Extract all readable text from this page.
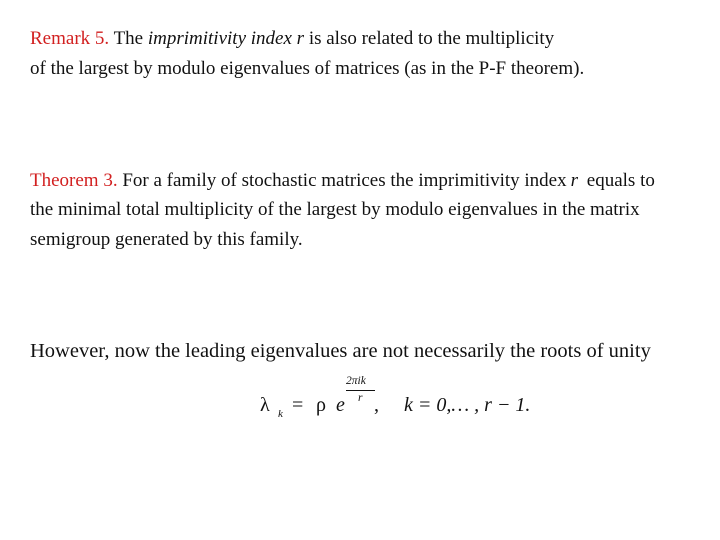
Remark 5. The imprimitivity index r is also related to the multiplicity
of the largest by modulo eigenvalues of matrices (as in the P-F theorem).
Theorem 3. For a family of stochastic matrices the imprimitivity index r equals to
the minimal total multiplicity of the largest by modulo eigenvalues in the matrix
semigroup generated by this family.
However, now the leading eigenvalues are not necessarily the roots of unity
λ k = ρ e
2πik
r , k = 0,… , r − 1.
